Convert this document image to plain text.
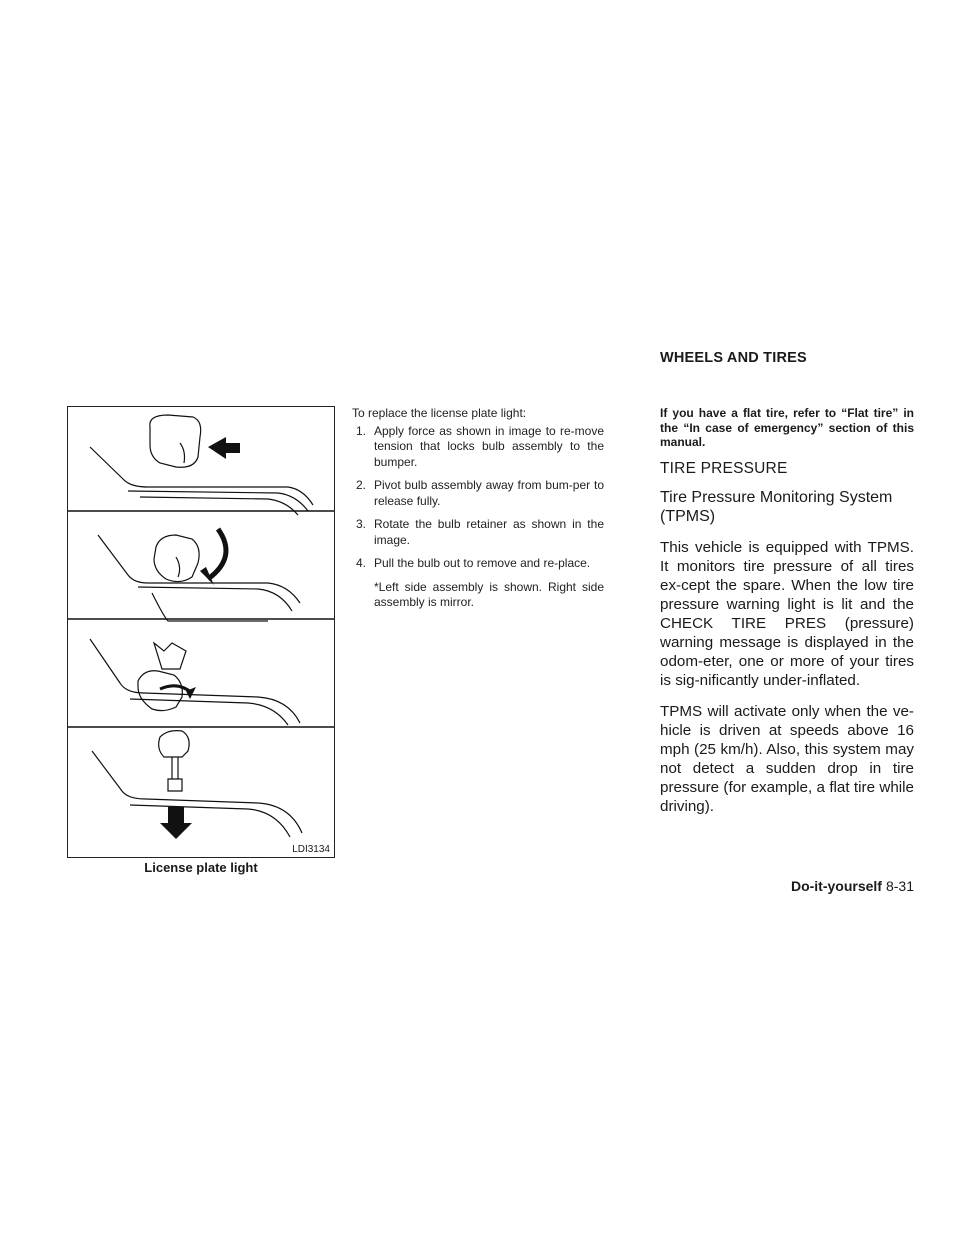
WHEELS AND TIRES
LDI3134
License plate light

To replace the license plate light:

1. Apply force as shown in image to re-move tension that locks bulb assembly to the bumper.
2. Pivot bulb assembly away from bum-per to release fully.
3. Rotate the bulb retainer as shown in the image.
4. Pull the bulb out to remove and re-place.

*Left side assembly is shown. Right side assembly is mirror.

If you have a flat tire, refer to “Flat tire” in the “In case of emergency” section of this manual.

TIRE PRESSURE
Tire Pressure Monitoring System (TPMS)

This vehicle is equipped with TPMS. It monitors tire pressure of all tires ex-cept the spare. When the low tire pressure warning light is lit and the CHECK TIRE PRES (pressure) warning message is displayed in the odom-eter, one or more of your tires is sig-nificantly under-inflated.

TPMS will activate only when the ve-hicle is driven at speeds above 16 mph (25 km/h). Also, this system may not detect a sudden drop in tire pressure (for example, a flat tire while driving).

Do-it-yourself 8-31
